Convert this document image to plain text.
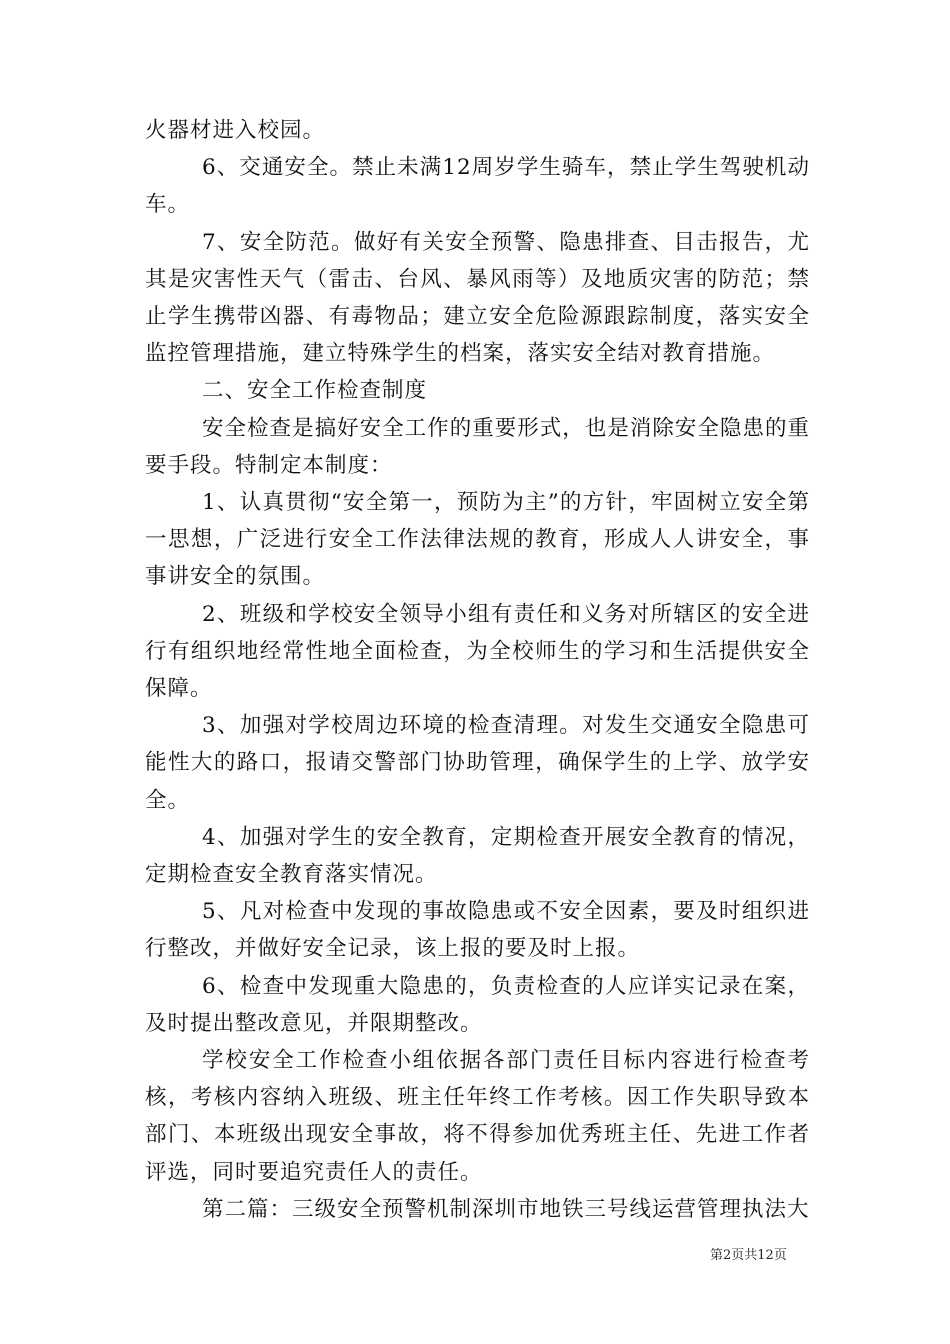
火器材进入校园。

6、交通安全。禁止未满12周岁学生骑车，禁止学生驾驶机动车。

7、安全防范。做好有关安全预警、隐患排查、目击报告，尤其是灾害性天气（雷击、台风、暴风雨等）及地质灾害的防范；禁止学生携带凶器、有毒物品；建立安全危险源跟踪制度，落实安全监控管理措施，建立特殊学生的档案，落实安全结对教育措施。

二、安全工作检查制度

安全检查是搞好安全工作的重要形式，也是消除安全隐患的重要手段。特制定本制度：

1、认真贯彻“安全第一，预防为主”的方针，牢固树立安全第一思想，广泛进行安全工作法律法规的教育，形成人人讲安全，事事讲安全的氛围。

2、班级和学校安全领导小组有责任和义务对所辖区的安全进行有组织地经常性地全面检查，为全校师生的学习和生活提供安全保障。

3、加强对学校周边环境的检查清理。对发生交通安全隐患可能性大的路口，报请交警部门协助管理，确保学生的上学、放学安全。

4、加强对学生的安全教育，定期检查开展安全教育的情况，定期检查安全教育落实情况。

5、凡对检查中发现的事故隐患或不安全因素，要及时组织进行整改，并做好安全记录，该上报的要及时上报。

6、检查中发现重大隐患的，负责检查的人应详实记录在案，及时提出整改意见，并限期整改。

学校安全工作检查小组依据各部门责任目标内容进行检查考核，考核内容纳入班级、班主任年终工作考核。因工作失职导致本部门、本班级出现安全事故，将不得参加优秀班主任、先进工作者评选，同时要追究责任人的责任。

第二篇：三级安全预警机制深圳市地铁三号线运营管理执法大

第2页共12页
